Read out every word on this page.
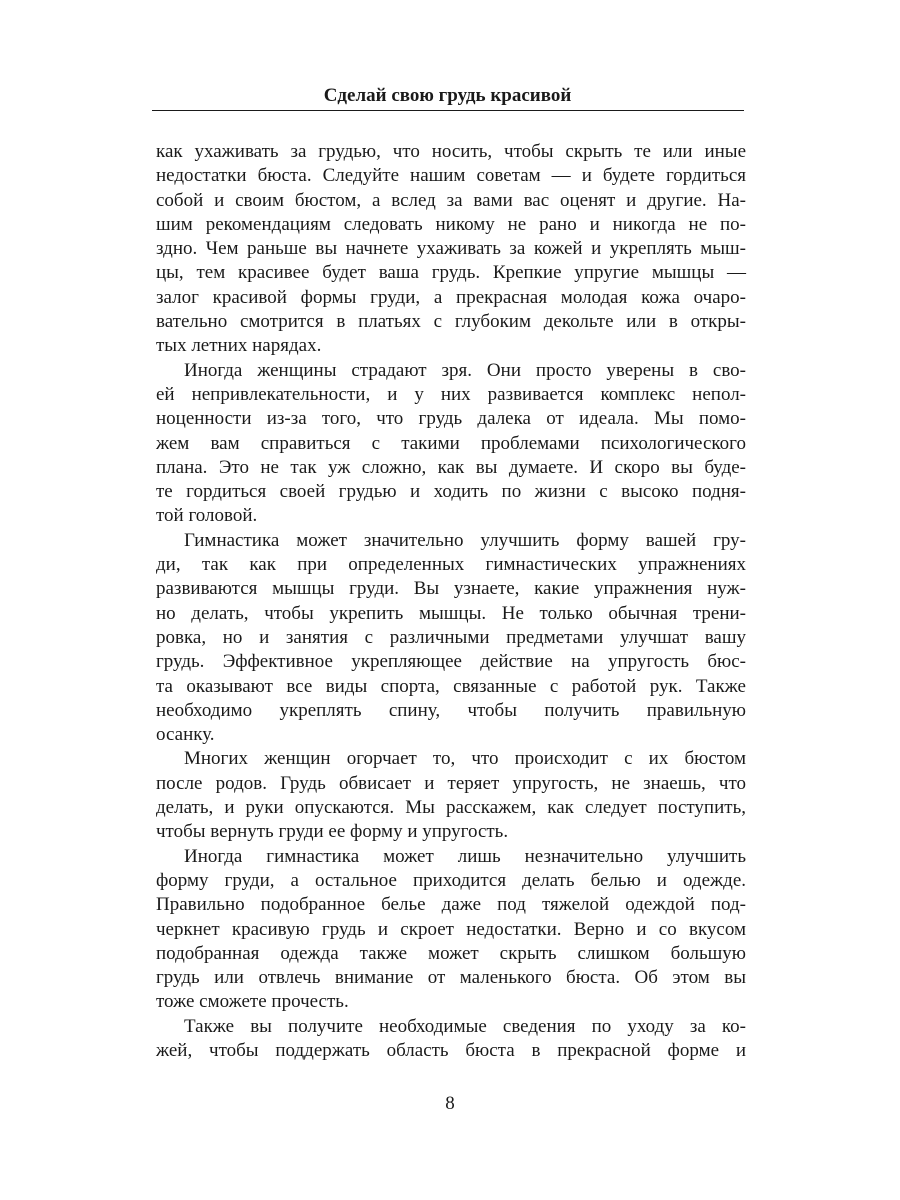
Сделай свою грудь красивой
как ухаживать за грудью, что носить, чтобы скрыть те или иные
недостатки бюста. Следуйте нашим советам — и будете гордиться
собой и своим бюстом, а вслед за вами вас оценят и другие. На-
шим рекомендациям следовать никому не рано и никогда не по-
здно. Чем раньше вы начнете ухаживать за кожей и укреплять мыш-
цы, тем красивее будет ваша грудь. Крепкие упругие мышцы —
залог красивой формы груди, а прекрасная молодая кожа очаро-
вательно смотрится в платьях с глубоким декольте или в откры-
тых летних нарядах.
Иногда женщины страдают зря. Они просто уверены в сво-
ей непривлекательности, и у них развивается комплекс непол-
ноценности из-за того, что грудь далека от идеала. Мы помо-
жем вам справиться с такими проблемами психологического
плана. Это не так уж сложно, как вы думаете. И скоро вы буде-
те гордиться своей грудью и ходить по жизни с высоко подня-
той головой.
Гимнастика может значительно улучшить форму вашей гру-
ди, так как при определенных гимнастических упражнениях
развиваются мышцы груди. Вы узнаете, какие упражнения нуж-
но делать, чтобы укрепить мышцы. Не только обычная трени-
ровка, но и занятия с различными предметами улучшат вашу
грудь. Эффективное укрепляющее действие на упругость бюс-
та оказывают все виды спорта, связанные с работой рук. Также
необходимо укреплять спину, чтобы получить правильную
осанку.
Многих женщин огорчает то, что происходит с их бюстом
после родов. Грудь обвисает и теряет упругость, не знаешь, что
делать, и руки опускаются. Мы расскажем, как следует поступить,
чтобы вернуть груди ее форму и упругость.
Иногда гимнастика может лишь незначительно улучшить
форму груди, а остальное приходится делать белью и одежде.
Правильно подобранное белье даже под тяжелой одеждой под-
черкнет красивую грудь и скроет недостатки. Верно и со вкусом
подобранная одежда также может скрыть слишком большую
грудь или отвлечь внимание от маленького бюста. Об этом вы
тоже сможете прочесть.
Также вы получите необходимые сведения по уходу за ко-
жей, чтобы поддержать область бюста в прекрасной форме и
8
